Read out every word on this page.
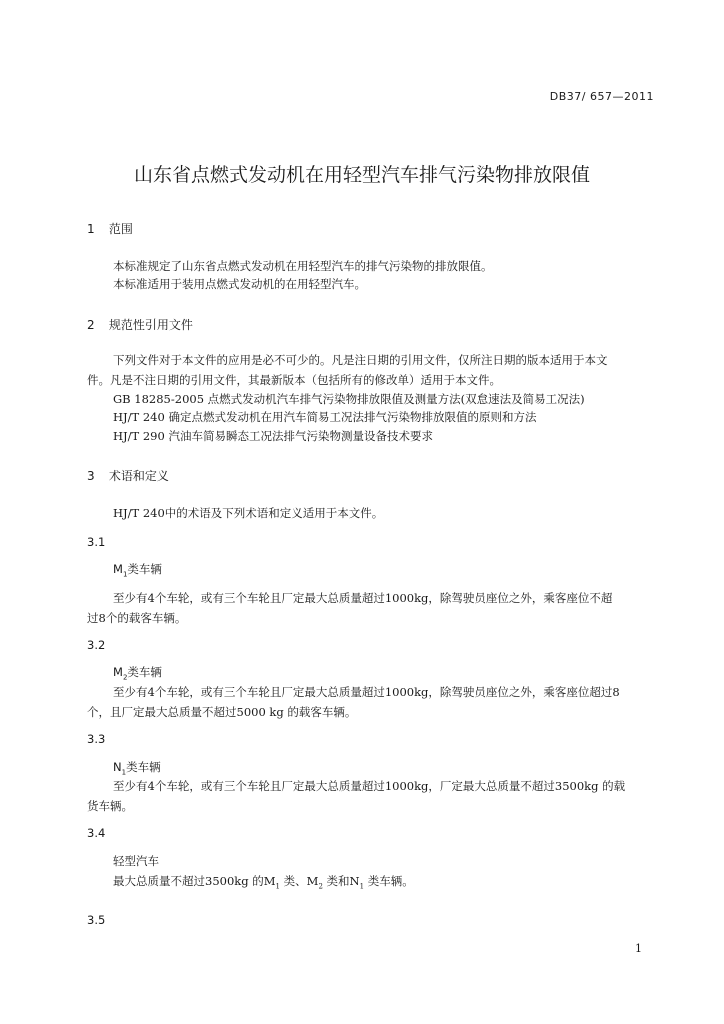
DB37/ 657—2011
山东省点燃式发动机在用轻型汽车排气污染物排放限值
1 范围
本标准规定了山东省点燃式发动机在用轻型汽车的排气污染物的排放限值。
本标准适用于装用点燃式发动机的在用轻型汽车。
2 规范性引用文件
下列文件对于本文件的应用是必不可少的。凡是注日期的引用文件，仅所注日期的版本适用于本文
件。凡是不注日期的引用文件，其最新版本（包括所有的修改单）适用于本文件。
GB 18285-2005 点燃式发动机汽车排气污染物排放限值及测量方法(双怠速法及简易工况法)
HJ/T 240 确定点燃式发动机在用汽车简易工况法排气污染物排放限值的原则和方法
HJ/T 290 汽油车简易瞬态工况法排气污染物测量设备技术要求
3 术语和定义
HJ/T 240中的术语及下列术语和定义适用于本文件。
3.1
$M_1$类车辆
至少有4个车轮，或有三个车轮且厂定最大总质量超过1000kg，除驾驶员座位之外，乘客座位不超
过8个的载客车辆。
3.2
$M_2$类车辆
至少有4个车轮，或有三个车轮且厂定最大总质量超过1000kg，除驾驶员座位之外，乘客座位超过8
个，且厂定最大总质量不超过5000 kg 的载客车辆。
3.3
$N_1$类车辆
至少有4个车轮，或有三个车轮且厂定最大总质量超过1000kg，厂定最大总质量不超过3500kg 的载
货车辆。
3.4
轻型汽车
最大总质量不超过3500kg 的$M_1$ 类、$M_2$ 类和$N_1$ 类车辆。
3.5
1
